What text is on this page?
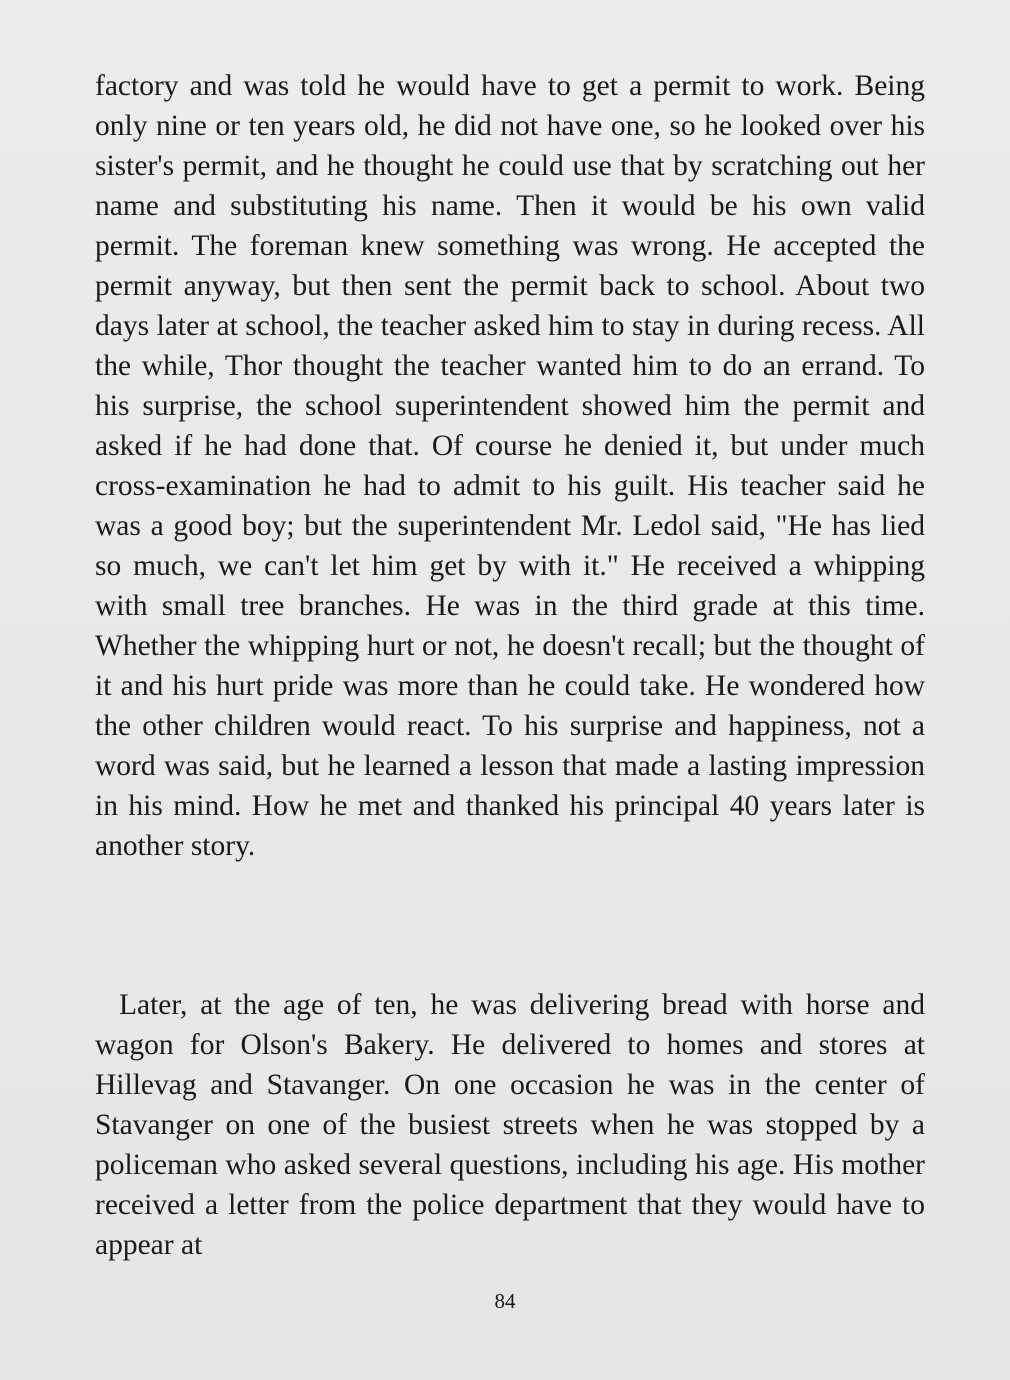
factory and was told he would have to get a permit to work. Being only nine or ten years old, he did not have one, so he looked over his sister's permit, and he thought he could use that by scratching out her name and substituting his name. Then it would be his own valid permit. The foreman knew something was wrong. He accepted the permit anyway, but then sent the permit back to school. About two days later at school, the teacher asked him to stay in during recess. All the while, Thor thought the teacher wanted him to do an errand. To his surprise, the school superintendent showed him the permit and asked if he had done that. Of course he denied it, but under much cross-examination he had to admit to his guilt. His teacher said he was a good boy; but the superintendent Mr. Ledol said, "He has lied so much, we can't let him get by with it." He received a whipping with small tree branches. He was in the third grade at this time. Whether the whipping hurt or not, he doesn't recall; but the thought of it and his hurt pride was more than he could take. He wondered how the other children would react. To his surprise and happiness, not a word was said, but he learned a lesson that made a lasting impression in his mind. How he met and thanked his principal 40 years later is another story.

Later, at the age of ten, he was delivering bread with horse and wagon for Olson's Bakery. He delivered to homes and stores at Hillevag and Stavanger. On one occasion he was in the center of Stavanger on one of the busiest streets when he was stopped by a policeman who asked several questions, including his age. His mother received a letter from the police department that they would have to appear at

84
